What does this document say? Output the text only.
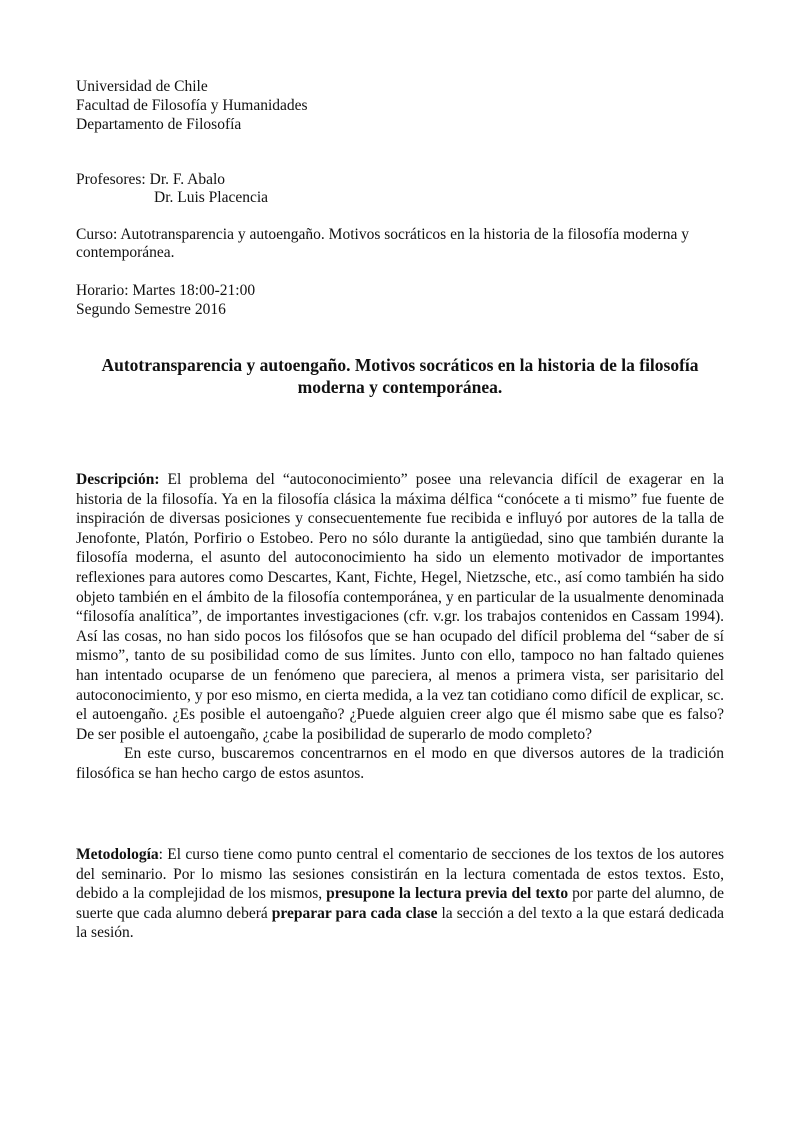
Universidad de Chile
Facultad de Filosofía y Humanidades
Departamento de Filosofía
Profesores: Dr. F. Abalo
Dr. Luis Placencia
Curso: Autotransparencia y autoengaño. Motivos socráticos en la historia de la filosofía moderna y
contemporánea.
Horario: Martes 18:00-21:00
Segundo Semestre 2016
Autotransparencia y autoengaño. Motivos socráticos en la historia de la filosofía
moderna y contemporánea.

Descripción: El problema del “autoconocimiento” posee una relevancia difícil de exagerar en la historia de la filosofía. Ya en la filosofía clásica la máxima délfica “conócete a ti mismo” fue fuente de inspiración de diversas posiciones y consecuentemente fue recibida e influyó por autores de la talla de Jenofonte, Platón, Porfirio o Estobeo. Pero no sólo durante la antigüedad, sino que también durante la filosofía moderna, el asunto del autoconocimiento ha sido un elemento motivador de importantes reflexiones para autores como Descartes, Kant, Fichte, Hegel, Nietzsche, etc., así como también ha sido objeto también en el ámbito de la filosofía contemporánea, y en particular de la usualmente denominada “filosofía analítica”, de importantes investigaciones (cfr. v.gr. los trabajos contenidos en Cassam 1994). Así las cosas, no han sido pocos los filósofos que se han ocupado del difícil problema del “saber de sí mismo”, tanto de su posibilidad como de sus límites. Junto con ello, tampoco no han faltado quienes han intentado ocuparse de un fenómeno que pareciera, al menos a primera vista, ser parisitario del autoconocimiento, y por eso mismo, en cierta medida, a la vez tan cotidiano como difícil de explicar, sc. el autoengaño. ¿Es posible el autoengaño? ¿Puede alguien creer algo que él mismo sabe que es falso? De ser posible el autoengaño, ¿cabe la posibilidad de superarlo de modo completo?

En este curso, buscaremos concentrarnos en el modo en que diversos autores de la tradición filosófica se han hecho cargo de estos asuntos.

Metodología: El curso tiene como punto central el comentario de secciones de los textos de los autores del seminario. Por lo mismo las sesiones consistirán en la lectura comentada de estos textos. Esto, debido a la complejidad de los mismos, presupone la lectura previa del texto por parte del alumno, de suerte que cada alumno deberá preparar para cada clase la sección a del texto a la que estará dedicada la sesión.
